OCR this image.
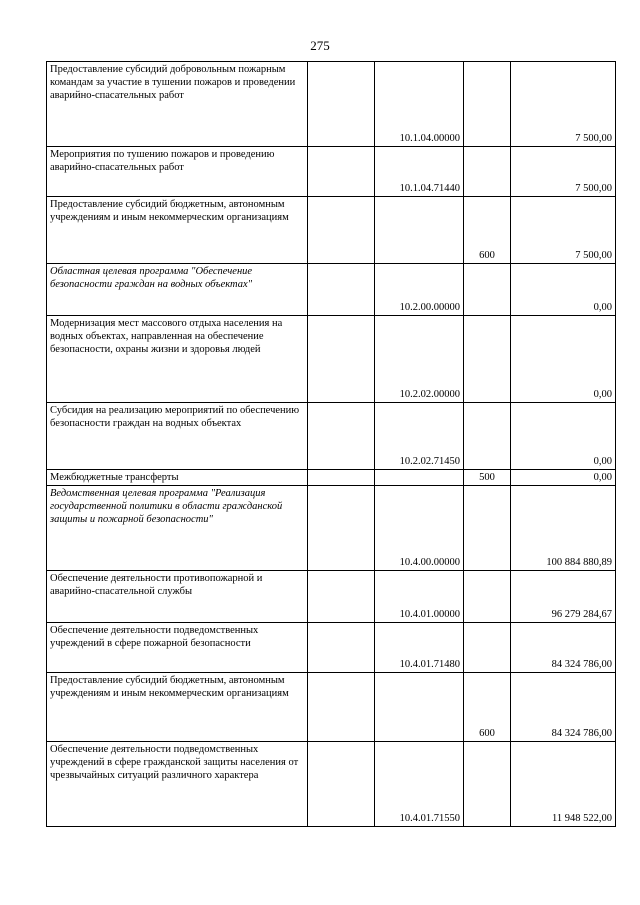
275
Предоставление субсидий добровольным пожарным командам за участие в тушении пожаров и проведении аварийно-спасательных работ		10.1.04.00000		7 500,00
Мероприятия по тушению пожаров и проведению аварийно-спасательных работ		10.1.04.71440		7 500,00
Предоставление субсидий бюджетным, автономным учреждениям и иным некоммерческим организациям			600	7 500,00
Областная целевая программа "Обеспечение безопасности граждан на водных объектах"		10.2.00.00000		0,00
Модернизация мест массового отдыха населения на водных объектах, направленная на обеспечение безопасности, охраны жизни и здоровья людей		10.2.02.00000		0,00
Субсидия на реализацию мероприятий по обеспечению безопасности граждан на водных объектах		10.2.02.71450		0,00
Межбюджетные трансферты			500	0,00
Ведомственная целевая программа "Реализация государственной политики в области гражданской защиты и пожарной безопасности"		10.4.00.00000		100 884 880,89
Обеспечение деятельности противопожарной и аварийно-спасательной службы		10.4.01.00000		96 279 284,67
Обеспечение деятельности подведомственных учреждений в сфере пожарной безопасности		10.4.01.71480		84 324 786,00
Предоставление субсидий бюджетным, автономным учреждениям и иным некоммерческим организациям			600	84 324 786,00
Обеспечение деятельности подведомственных учреждений в сфере гражданской защиты населения от чрезвычайных ситуаций различного характера		10.4.01.71550		11 948 522,00
